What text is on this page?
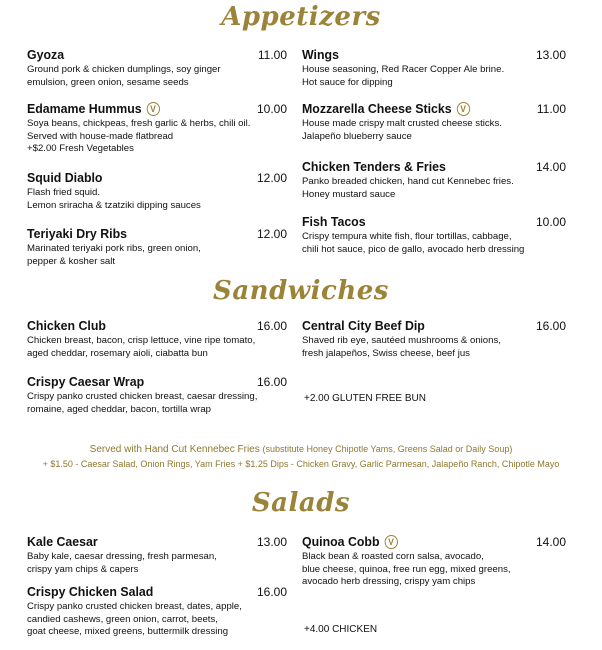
Appetizers
Gyoza	11.00
Ground pork & chicken dumplings, soy ginger
emulsion, green onion, sesame seeds
Edamame Hummus V	10.00
Soya beans, chickpeas, fresh garlic & herbs, chili oil.
Served with house-made flatbread
+$2.00 Fresh Vegetables
Squid Diablo	12.00
Flash fried squid.
Lemon sriracha & tzatziki dipping sauces
Teriyaki Dry Ribs	12.00
Marinated teriyaki pork ribs, green onion,
pepper & kosher salt
Wings	13.00
House seasoning, Red Racer Copper Ale brine.
Hot sauce for dipping
Mozzarella Cheese Sticks V	11.00
House made crispy malt crusted cheese sticks.
Jalapeño blueberry sauce
Chicken Tenders & Fries	14.00
Panko breaded chicken, hand cut Kennebec fries.
Honey mustard sauce
Fish Tacos	10.00
Crispy tempura white fish, flour tortillas, cabbage,
chili hot sauce, pico de gallo, avocado herb dressing
Sandwiches
Chicken Club	16.00
Chicken breast, bacon, crisp lettuce, vine ripe tomato,
aged cheddar, rosemary aioli, ciabatta bun
Crispy Caesar Wrap	16.00
Crispy panko crusted chicken breast, caesar dressing,
romaine, aged cheddar, bacon, tortilla wrap
Central City Beef Dip	16.00
Shaved rib eye, sautéed mushrooms & onions,
fresh jalapeños, Swiss cheese, beef jus
+2.00 GLUTEN FREE BUN
Served with Hand Cut Kennebec Fries (substitute Honey Chipotle Yams, Greens Salad or Daily Soup)
+ $1.50 - Caesar Salad, Onion Rings, Yam Fries + $1.25 Dips - Chicken Gravy, Garlic Parmesan, Jalapeño Ranch, Chipotle Mayo
Salads
Kale Caesar	13.00
Baby kale, caesar dressing, fresh parmesan,
crispy yam chips & capers
Crispy Chicken Salad	16.00
Crispy panko crusted chicken breast, dates, apple,
candied cashews, green onion, carrot, beets,
goat cheese, mixed greens, buttermilk dressing
Quinoa Cobb V	14.00
Black bean & roasted corn salsa, avocado,
blue cheese, quinoa, free run egg, mixed greens,
avocado herb dressing, crispy yam chips
+4.00 CHICKEN
